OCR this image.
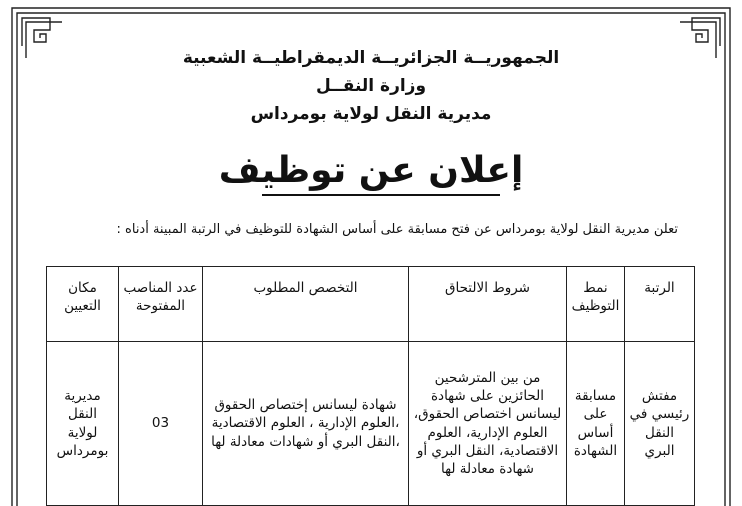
الجمهوريــة الجزائريــة الديمقراطيــة الشعبية
وزارة النقــل
مديرية النقل لولاية بومرداس
إعلان عن توظيف
تعلن مديرية النقل لولاية بومرداس عن فتح مسابقة على أساس الشهادة للتوظيف في الرتبة المبينة أدناه :
الرتبة	نمط التوظيف	شروط الالتحاق	التخصص المطلوب	عدد المناصب المفتوحة	مكان التعيين
مفتش رئيسي في النقل البري	مسابقة على أساس الشهادة	من بين المترشحين الحائزين على شهادة ليسانس اختصاص الحقوق، العلوم الإدارية، العلوم الاقتصادية، النقل البري أو شهادة معادلة لها	شهادة ليسانس إختصاص الحقوق ،العلوم الإدارية ، العلوم الاقتصادية ،النقل البري أو شهادات معادلة لها	03	مديرية النقل لولاية بومرداس
